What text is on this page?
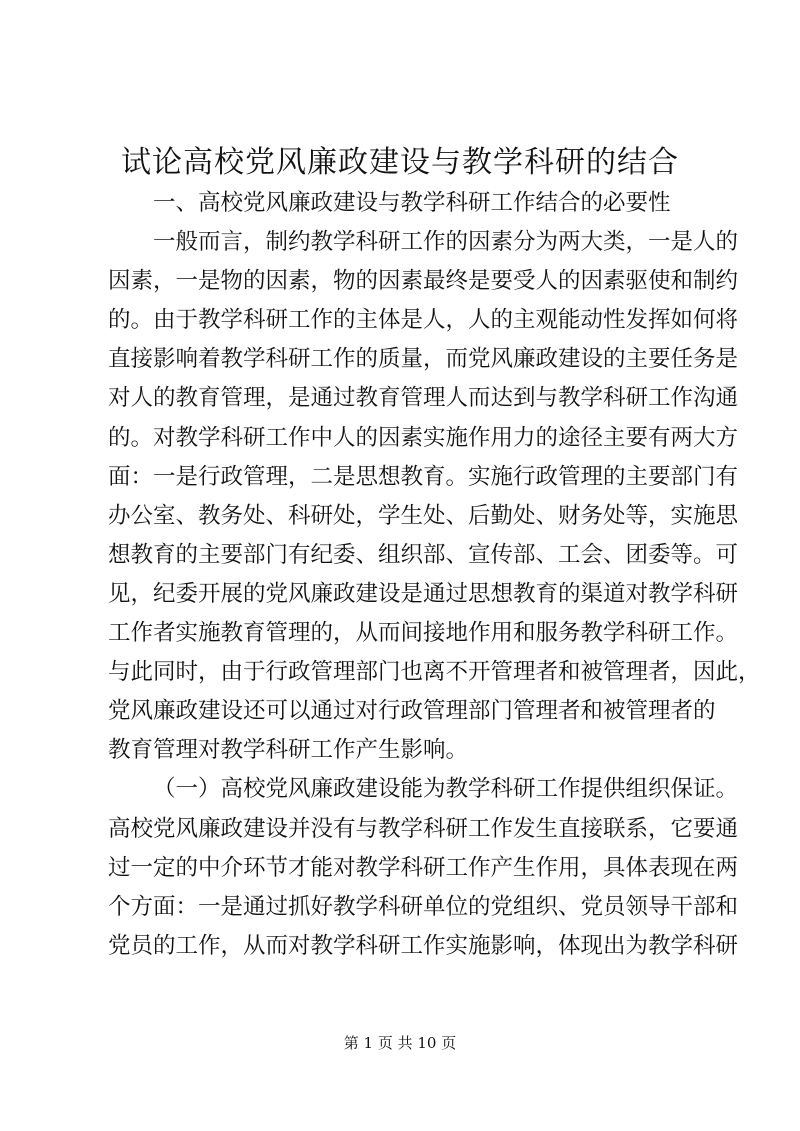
试论高校党风廉政建设与教学科研的结合
一、高校党风廉政建设与教学科研工作结合的必要性
一般而言，制约教学科研工作的因素分为两大类，一是人的
因素，一是物的因素，物的因素最终是要受人的因素驱使和制约
的。由于教学科研工作的主体是人，人的主观能动性发挥如何将
直接影响着教学科研工作的质量，而党风廉政建设的主要任务是
对人的教育管理，是通过教育管理人而达到与教学科研工作沟通
的。对教学科研工作中人的因素实施作用力的途径主要有两大方
面：一是行政管理，二是思想教育。实施行政管理的主要部门有
办公室、教务处、科研处，学生处、后勤处、财务处等，实施思
想教育的主要部门有纪委、组织部、宣传部、工会、团委等。可
见，纪委开展的党风廉政建设是通过思想教育的渠道对教学科研
工作者实施教育管理的，从而间接地作用和服务教学科研工作。
与此同时，由于行政管理部门也离不开管理者和被管理者，因此，
党风廉政建设还可以通过对行政管理部门管理者和被管理者的
教育管理对教学科研工作产生影响。
（一）高校党风廉政建设能为教学科研工作提供组织保证。
高校党风廉政建设并没有与教学科研工作发生直接联系，它要通
过一定的中介环节才能对教学科研工作产生作用，具体表现在两
个方面：一是通过抓好教学科研单位的党组织、党员领导干部和
党员的工作，从而对教学科研工作实施影响，体现出为教学科研
第 1 页 共 10 页
